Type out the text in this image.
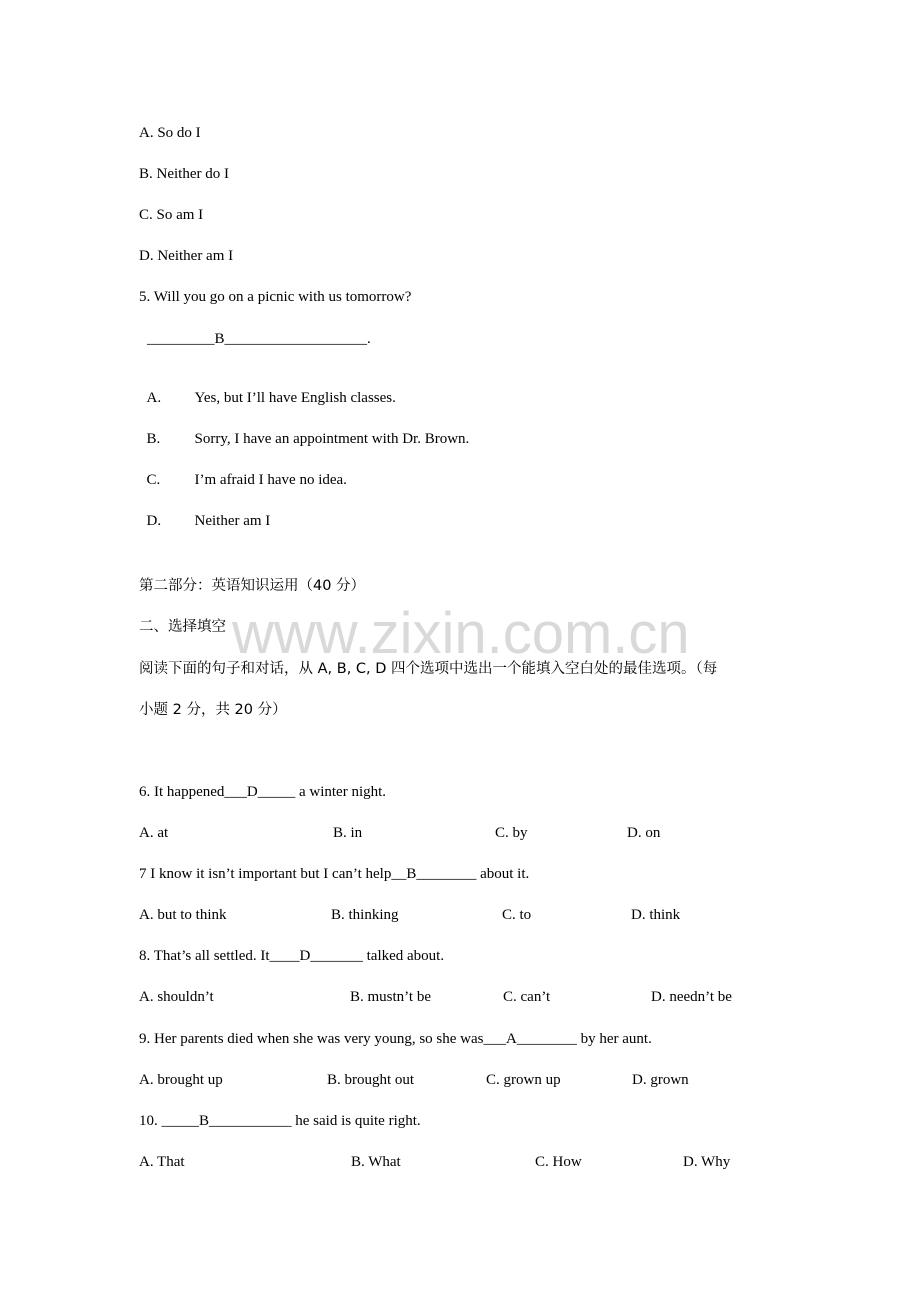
A. So do I
B. Neither do I
C. So am I
D. Neither am I
5. Will you go on a picnic with us tomorrow?
_________B___________________.

A. Yes, but I’ll have English classes.

B. Sorry, I have an appointment with Dr. Brown.

C. I’m afraid I have no idea.

D. Neither am I

第二部分：英语知识运用（40 分）
二、选择填空
阅读下面的句子和对话，从 A, B, C, D 四个选项中选出一个能填入空白处的最佳选项。（每
小题 2 分，共 20 分）
6. It happened___D_____ a winter night.
A. at	B. in	C. by	D. on
7 I know it isn’t important but I can’t help__B________ about it.
A. but to think	B. thinking	C. to	D. think
8. That’s all settled. It____D_______ talked about.
A. shouldn’t	B. mustn’t be	C. can’t	D. needn’t be
9. Her parents died when she was very young, so she was___A________ by her aunt.
A. brought up	B. brought out	C. grown up	D. grown
10. _____B___________ he said is quite right.
A. That	B. What	C. How	D. Why
www.zixin.com.cn
